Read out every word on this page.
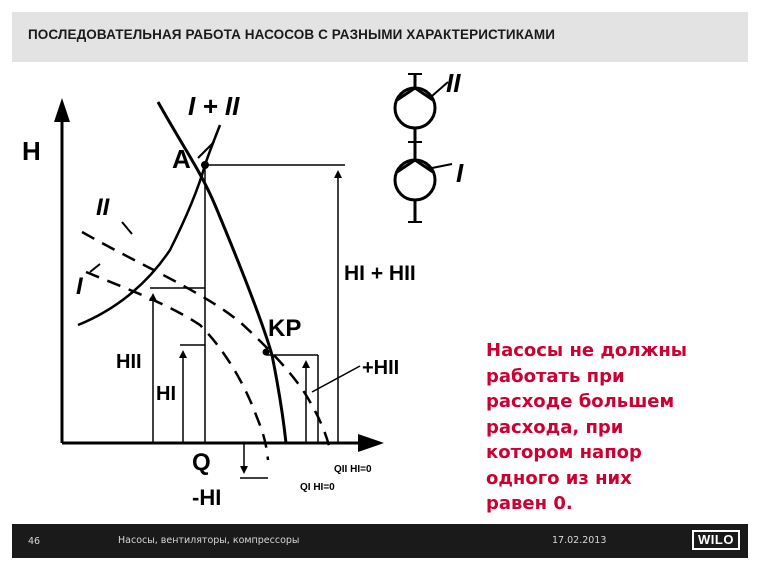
ПОСЛЕДОВАТЕЛЬНАЯ РАБОТА НАСОСОВ С РАЗНЫМИ ХАРАКТЕРИСТИКАМИ
H
Q
I + II
II
I
A
KP
HI + HII
HII
HI
+HII
-HI
QII HI=0
QI HI=0
II
I
Насосы не должны
работать при
расходе большем
расхода, при
котором напор
одного из них
равен 0.
46	Насосы, вентиляторы, компрессоры	17.02.2013	WILO
